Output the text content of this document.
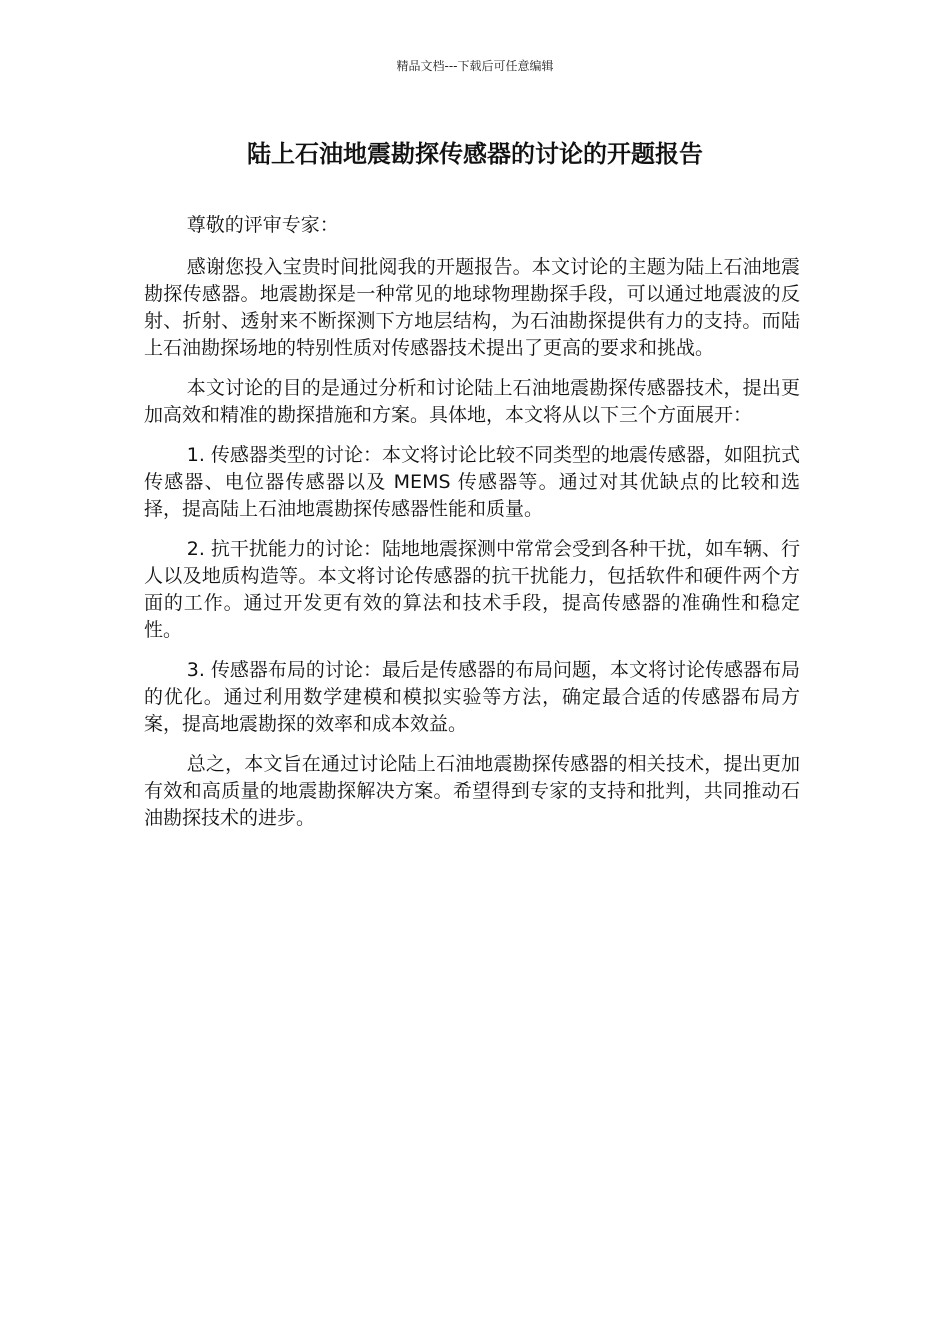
精品文档---下载后可任意编辑
陆上石油地震勘探传感器的讨论的开题报告

尊敬的评审专家：

感谢您投入宝贵时间批阅我的开题报告。本文讨论的主题为陆上石油地震勘探传感器。地震勘探是一种常见的地球物理勘探手段，可以通过地震波的反射、折射、透射来不断探测下方地层结构，为石油勘探提供有力的支持。而陆上石油勘探场地的特别性质对传感器技术提出了更高的要求和挑战。

本文讨论的目的是通过分析和讨论陆上石油地震勘探传感器技术，提出更加高效和精准的勘探措施和方案。具体地，本文将从以下三个方面展开：

1. 传感器类型的讨论：本文将讨论比较不同类型的地震传感器，如阻抗式传感器、电位器传感器以及 MEMS 传感器等。通过对其优缺点的比较和选择，提高陆上石油地震勘探传感器性能和质量。

2. 抗干扰能力的讨论：陆地地震探测中常常会受到各种干扰，如车辆、行人以及地质构造等。本文将讨论传感器的抗干扰能力，包括软件和硬件两个方面的工作。通过开发更有效的算法和技术手段，提高传感器的准确性和稳定性。

3. 传感器布局的讨论：最后是传感器的布局问题，本文将讨论传感器布局的优化。通过利用数学建模和模拟实验等方法，确定最合适的传感器布局方案，提高地震勘探的效率和成本效益。

总之，本文旨在通过讨论陆上石油地震勘探传感器的相关技术，提出更加有效和高质量的地震勘探解决方案。希望得到专家的支持和批判，共同推动石油勘探技术的进步。
